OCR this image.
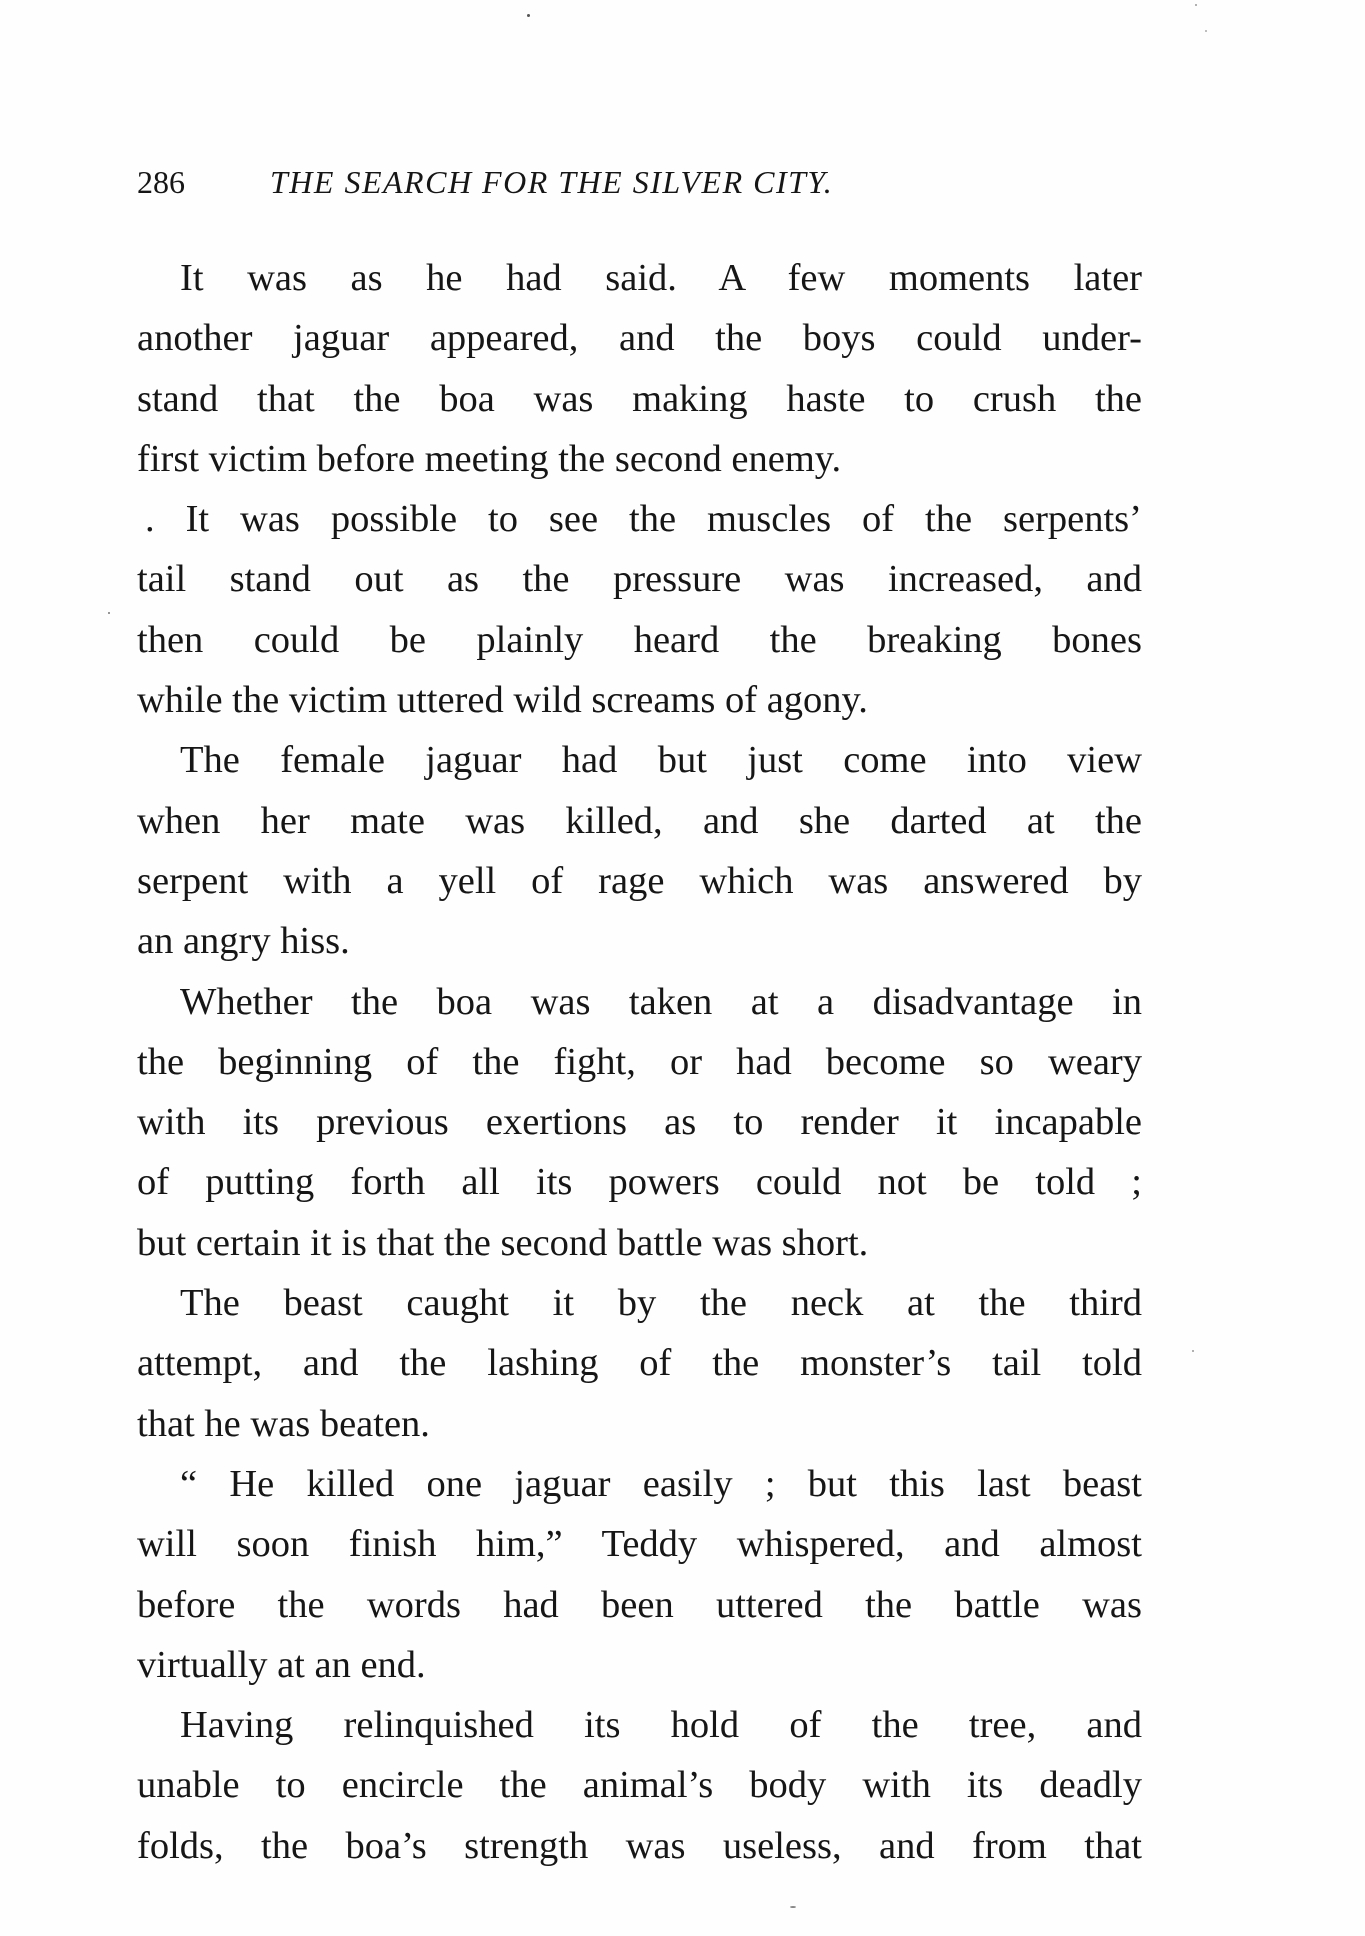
286	THE SEARCH FOR THE SILVER CITY.
It was as he had said. A few moments later
another jaguar appeared, and the boys could under-
stand that the boa was making haste to crush the
first victim before meeting the second enemy.
. It was possible to see the muscles of the serpents’
tail stand out as the pressure was increased, and
then could be plainly heard the breaking bones
while the victim uttered wild screams of agony.
The female jaguar had but just come into view
when her mate was killed, and she darted at the
serpent with a yell of rage which was answered by
an angry hiss.
Whether the boa was taken at a disadvantage in
the beginning of the fight, or had become so weary
with its previous exertions as to render it incapable
of putting forth all its powers could not be told ;
but certain it is that the second battle was short.
The beast caught it by the neck at the third
attempt, and the lashing of the monster’s tail told
that he was beaten.
“ He killed one jaguar easily ; but this last beast
will soon finish him,” Teddy whispered, and almost
before the words had been uttered the battle was
virtually at an end.
Having relinquished its hold of the tree, and
unable to encircle the animal’s body with its deadly
folds, the boa’s strength was useless, and from that
